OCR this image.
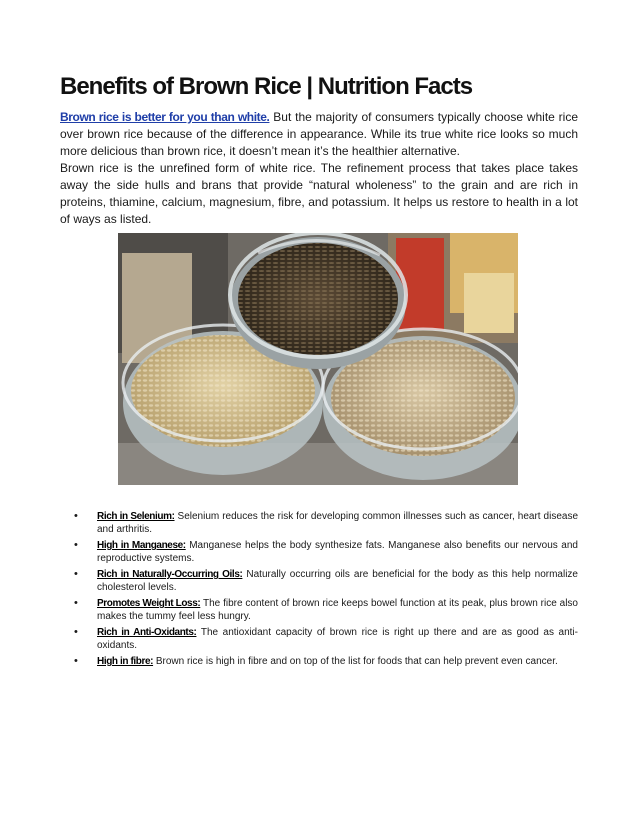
Benefits of Brown Rice | Nutrition Facts

Brown rice is better for you than white. But the majority of consumers typically choose white rice over brown rice because of the difference in appearance. While its true white rice looks so much more delicious than brown rice, it doesn’t mean it’s the healthier alternative.

Brown rice is the unrefined form of white rice. The refinement process that takes place takes away the side hulls and brans that provide “natural wholeness” to the grain and are rich in proteins, thiamine, calcium, magnesium, fibre, and potassium. It helps us restore to health in a lot of ways as listed.

• Rich in Selenium: Selenium reduces the risk for developing common illnesses such as cancer, heart disease and arthritis.
• High in Manganese: Manganese helps the body synthesize fats. Manganese also benefits our nervous and reproductive systems.
• Rich in Naturally-Occurring Oils: Naturally occurring oils are beneficial for the body as this help normalize cholesterol levels.
• Promotes Weight Loss: The fibre content of brown rice keeps bowel function at its peak, plus brown rice also makes the tummy feel less hungry.
• Rich in Anti-Oxidants: The antioxidant capacity of brown rice is right up there and are as good as anti-oxidants.
• High in fibre: Brown rice is high in fibre and on top of the list for foods that can help prevent even cancer.
